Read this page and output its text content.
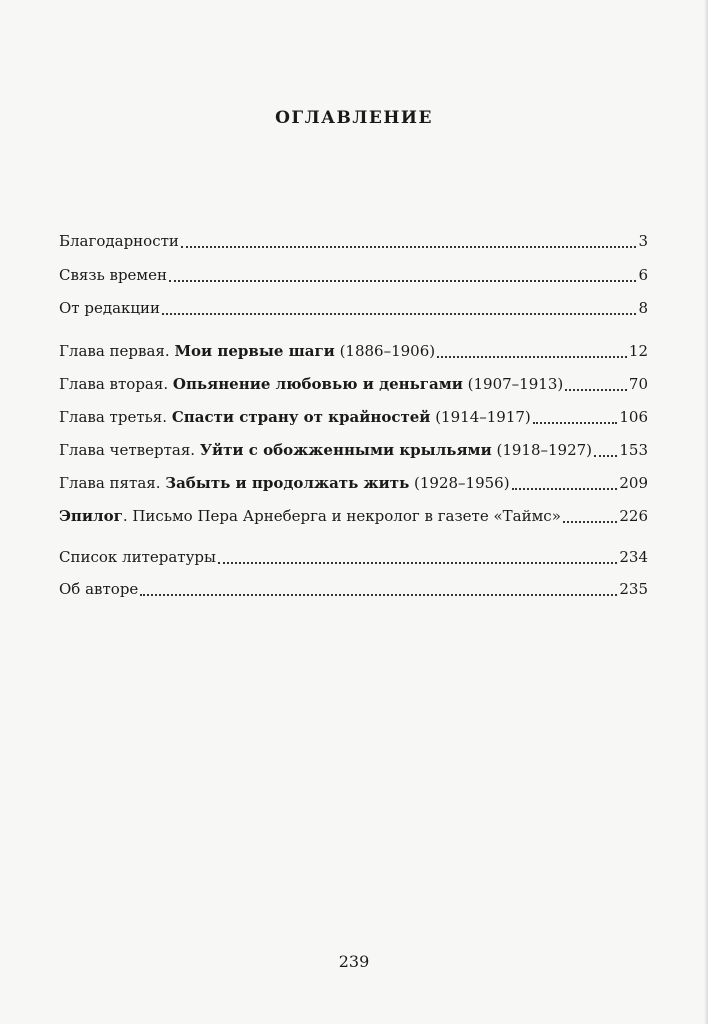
ОГЛАВЛЕНИЕ
Благодарности	3
Связь времен	6
От редакции	8
Глава первая. Мои первые шаги (1886–1906)	12
Глава вторая. Опьянение любовью и деньгами (1907–1913)	70
Глава третья. Спасти страну от крайностей (1914–1917)	106
Глава четвертая. Уйти с обожженными крыльями (1918–1927) 153
Глава пятая. Забыть и продолжать жить (1928–1956)	209
Эпилог. Письмо Пера Арнеберга и некролог в газете «Таймс»	226
Список литературы	234
Об авторе	235
239
